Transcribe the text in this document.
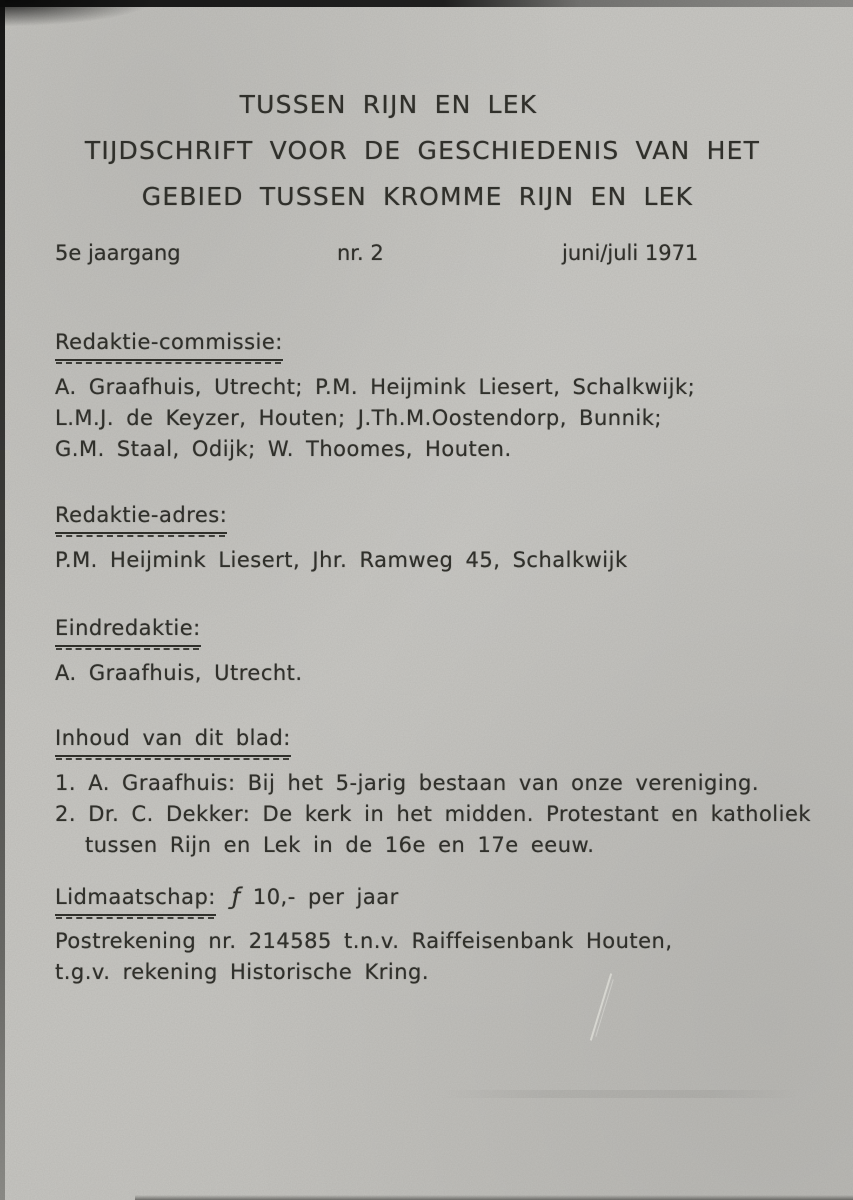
TUSSEN RIJN EN LEK
TIJDSCHRIFT VOOR DE GESCHIEDENIS VAN HET
GEBIED TUSSEN KROMME RIJN EN LEK
5e jaargang	nr. 2	juni/juli 1971
Redaktie-commissie:
A. Graafhuis, Utrecht; P.M. Heijmink Liesert, Schalkwijk;
L.M.J. de Keyzer, Houten; J.Th.M.Oostendorp, Bunnik;
G.M. Staal, Odijk; W. Thoomes, Houten.
Redaktie-adres:
P.M. Heijmink Liesert, Jhr. Ramweg 45, Schalkwijk
Eindredaktie:
A. Graafhuis, Utrecht.
Inhoud van dit blad:
1. A. Graafhuis: Bij het 5-jarig bestaan van onze vereniging.
2. Dr. C. Dekker: De kerk in het midden. Protestant en katholiek
tussen Rijn en Lek in de 16e en 17e eeuw.
Lidmaatschap: ƒ 10,- per jaar
Postrekening nr. 214585 t.n.v. Raiffeisenbank Houten,
t.g.v. rekening Historische Kring.
